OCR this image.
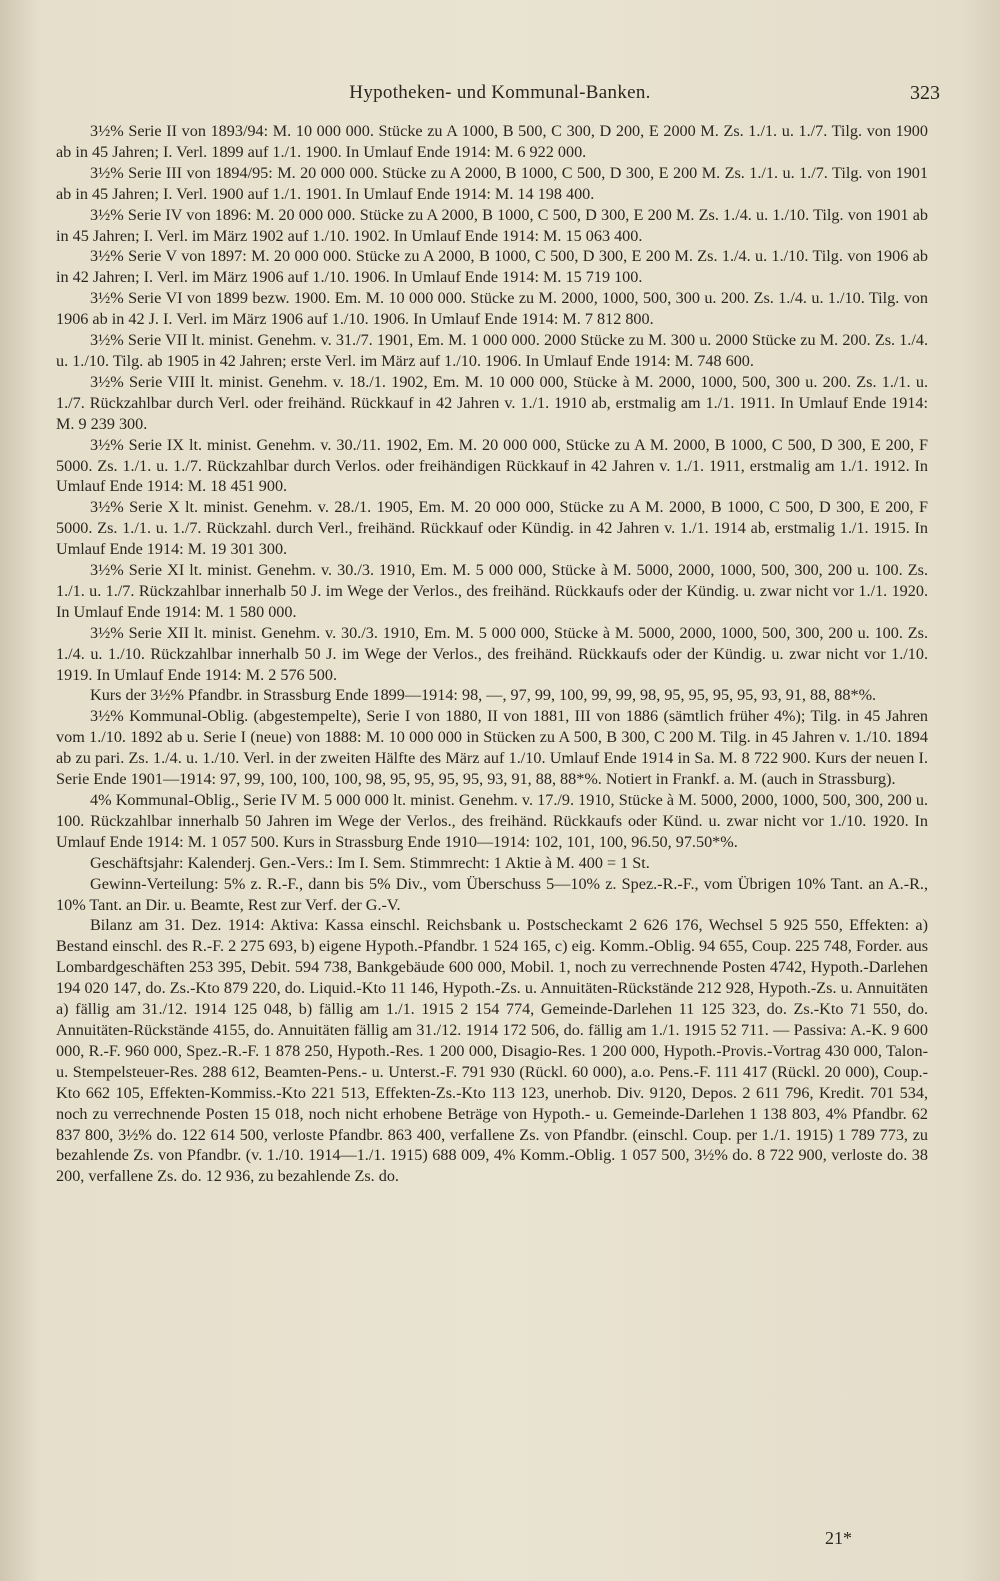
Hypotheken- und Kommunal-Banken.	323

3½% Serie II von 1893/94: M. 10 000 000. Stücke zu A 1000, B 500, C 300, D 200, E 2000 M. Zs. 1./1. u. 1./7. Tilg. von 1900 ab in 45 Jahren; I. Verl. 1899 auf 1./1. 1900. In Umlauf Ende 1914: M. 6 922 000.

3½% Serie III von 1894/95: M. 20 000 000. Stücke zu A 2000, B 1000, C 500, D 300, E 200 M. Zs. 1./1. u. 1./7. Tilg. von 1901 ab in 45 Jahren; I. Verl. 1900 auf 1./1. 1901. In Umlauf Ende 1914: M. 14 198 400.

3½% Serie IV von 1896: M. 20 000 000. Stücke zu A 2000, B 1000, C 500, D 300, E 200 M. Zs. 1./4. u. 1./10. Tilg. von 1901 ab in 45 Jahren; I. Verl. im März 1902 auf 1./10. 1902. In Umlauf Ende 1914: M. 15 063 400.

3½% Serie V von 1897: M. 20 000 000. Stücke zu A 2000, B 1000, C 500, D 300, E 200 M. Zs. 1./4. u. 1./10. Tilg. von 1906 ab in 42 Jahren; I. Verl. im März 1906 auf 1./10. 1906. In Umlauf Ende 1914: M. 15 719 100.

3½% Serie VI von 1899 bezw. 1900. Em. M. 10 000 000. Stücke zu M. 2000, 1000, 500, 300 u. 200. Zs. 1./4. u. 1./10. Tilg. von 1906 ab in 42 J. I. Verl. im März 1906 auf 1./10. 1906. In Umlauf Ende 1914: M. 7 812 800.

3½% Serie VII lt. minist. Genehm. v. 31./7. 1901, Em. M. 1 000 000. 2000 Stücke zu M. 300 u. 2000 Stücke zu M. 200. Zs. 1./4. u. 1./10. Tilg. ab 1905 in 42 Jahren; erste Verl. im März auf 1./10. 1906. In Umlauf Ende 1914: M. 748 600.

3½% Serie VIII lt. minist. Genehm. v. 18./1. 1902, Em. M. 10 000 000, Stücke à M. 2000, 1000, 500, 300 u. 200. Zs. 1./1. u. 1./7. Rückzahlbar durch Verl. oder freihänd. Rückkauf in 42 Jahren v. 1./1. 1910 ab, erstmalig am 1./1. 1911. In Umlauf Ende 1914: M. 9 239 300.

3½% Serie IX lt. minist. Genehm. v. 30./11. 1902, Em. M. 20 000 000, Stücke zu A M. 2000, B 1000, C 500, D 300, E 200, F 5000. Zs. 1./1. u. 1./7. Rückzahlbar durch Verlos. oder freihändigen Rückkauf in 42 Jahren v. 1./1. 1911, erstmalig am 1./1. 1912. In Umlauf Ende 1914: M. 18 451 900.

3½% Serie X lt. minist. Genehm. v. 28./1. 1905, Em. M. 20 000 000, Stücke zu A M. 2000, B 1000, C 500, D 300, E 200, F 5000. Zs. 1./1. u. 1./7. Rückzahl. durch Verl., freihänd. Rückkauf oder Kündig. in 42 Jahren v. 1./1. 1914 ab, erstmalig 1./1. 1915. In Umlauf Ende 1914: M. 19 301 300.

3½% Serie XI lt. minist. Genehm. v. 30./3. 1910, Em. M. 5 000 000, Stücke à M. 5000, 2000, 1000, 500, 300, 200 u. 100. Zs. 1./1. u. 1./7. Rückzahlbar innerhalb 50 J. im Wege der Verlos., des freihänd. Rückkaufs oder der Kündig. u. zwar nicht vor 1./1. 1920. In Umlauf Ende 1914: M. 1 580 000.

3½% Serie XII lt. minist. Genehm. v. 30./3. 1910, Em. M. 5 000 000, Stücke à M. 5000, 2000, 1000, 500, 300, 200 u. 100. Zs. 1./4. u. 1./10. Rückzahlbar innerhalb 50 J. im Wege der Verlos., des freihänd. Rückkaufs oder der Kündig. u. zwar nicht vor 1./10. 1919. In Umlauf Ende 1914: M. 2 576 500.

Kurs der 3½% Pfandbr. in Strassburg Ende 1899—1914: 98, —, 97, 99, 100, 99, 99, 98, 95, 95, 95, 95, 93, 91, 88, 88*%.

3½% Kommunal-Oblig. (abgestempelte), Serie I von 1880, II von 1881, III von 1886 (sämtlich früher 4%); Tilg. in 45 Jahren vom 1./10. 1892 ab u. Serie I (neue) von 1888: M. 10 000 000 in Stücken zu A 500, B 300, C 200 M. Tilg. in 45 Jahren v. 1./10. 1894 ab zu pari. Zs. 1./4. u. 1./10. Verl. in der zweiten Hälfte des März auf 1./10. Umlauf Ende 1914 in Sa. M. 8 722 900. Kurs der neuen I. Serie Ende 1901—1914: 97, 99, 100, 100, 100, 98, 95, 95, 95, 95, 93, 91, 88, 88*%. Notiert in Frankf. a. M. (auch in Strassburg).

4% Kommunal-Oblig., Serie IV M. 5 000 000 lt. minist. Genehm. v. 17./9. 1910, Stücke à M. 5000, 2000, 1000, 500, 300, 200 u. 100. Rückzahlbar innerhalb 50 Jahren im Wege der Verlos., des freihänd. Rückkaufs oder Künd. u. zwar nicht vor 1./10. 1920. In Umlauf Ende 1914: M. 1 057 500. Kurs in Strassburg Ende 1910—1914: 102, 101, 100, 96.50, 97.50*%.

Geschäftsjahr: Kalenderj. Gen.-Vers.: Im I. Sem. Stimmrecht: 1 Aktie à M. 400 = 1 St.

Gewinn-Verteilung: 5% z. R.-F., dann bis 5% Div., vom Überschuss 5—10% z. Spez.-R.-F., vom Übrigen 10% Tant. an A.-R., 10% Tant. an Dir. u. Beamte, Rest zur Verf. der G.-V.

Bilanz am 31. Dez. 1914: Aktiva: Kassa einschl. Reichsbank u. Postscheckamt 2 626 176, Wechsel 5 925 550, Effekten: a) Bestand einschl. des R.-F. 2 275 693, b) eigene Hypoth.-Pfandbr. 1 524 165, c) eig. Komm.-Oblig. 94 655, Coup. 225 748, Forder. aus Lombardgeschäften 253 395, Debit. 594 738, Bankgebäude 600 000, Mobil. 1, noch zu verrechnende Posten 4742, Hypoth.-Darlehen 194 020 147, do. Zs.-Kto 879 220, do. Liquid.-Kto 11 146, Hypoth.-Zs. u. Annuitäten-Rückstände 212 928, Hypoth.-Zs. u. Annuitäten a) fällig am 31./12. 1914 125 048, b) fällig am 1./1. 1915 2 154 774, Gemeinde-Darlehen 11 125 323, do. Zs.-Kto 71 550, do. Annuitäten-Rückstände 4155, do. Annuitäten fällig am 31./12. 1914 172 506, do. fällig am 1./1. 1915 52 711. — Passiva: A.-K. 9 600 000, R.-F. 960 000, Spez.-R.-F. 1 878 250, Hypoth.-Res. 1 200 000, Disagio-Res. 1 200 000, Hypoth.-Provis.-Vortrag 430 000, Talon- u. Stempelsteuer-Res. 288 612, Beamten-Pens.- u. Unterst.-F. 791 930 (Rückl. 60 000), a.o. Pens.-F. 111 417 (Rückl. 20 000), Coup.-Kto 662 105, Effekten-Kommiss.-Kto 221 513, Effekten-Zs.-Kto 113 123, unerhob. Div. 9120, Depos. 2 611 796, Kredit. 701 534, noch zu verrechnende Posten 15 018, noch nicht erhobene Beträge von Hypoth.- u. Gemeinde-Darlehen 1 138 803, 4% Pfandbr. 62 837 800, 3½% do. 122 614 500, verloste Pfandbr. 863 400, verfallene Zs. von Pfandbr. (einschl. Coup. per 1./1. 1915) 1 789 773, zu bezahlende Zs. von Pfandbr. (v. 1./10. 1914—1./1. 1915) 688 009, 4% Komm.-Oblig. 1 057 500, 3½% do. 8 722 900, verloste do. 38 200, verfallene Zs. do. 12 936, zu bezahlende Zs. do.

21*
